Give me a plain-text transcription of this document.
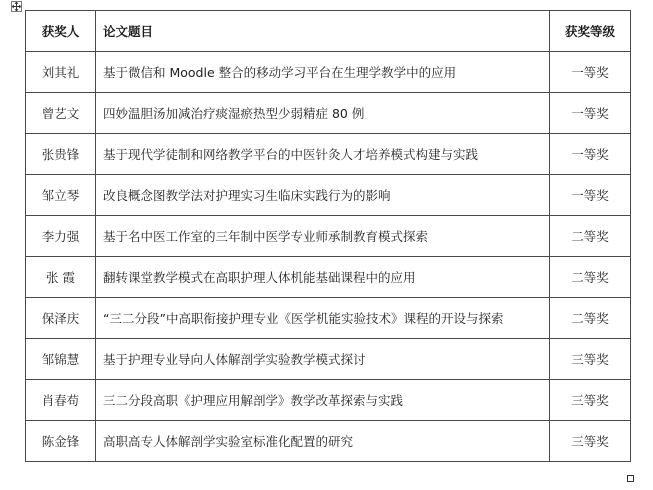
获奖人	论文题目	获奖等级
刘其礼	基于微信和 Moodle 整合的移动学习平台在生理学教学中的应用	一等奖
曾艺文	四妙温胆汤加减治疗痰湿瘀热型少弱精症 80 例	一等奖
张贵锋	基于现代学徒制和网络教学平台的中医针灸人才培养模式构建与实践	一等奖
邹立琴	改良概念图教学法对护理实习生临床实践行为的影响	一等奖
李力强	基于名中医工作室的三年制中医学专业师承制教育模式探索	二等奖
张 霞	翻转课堂教学模式在高职护理人体机能基础课程中的应用	二等奖
保泽庆	“三二分段”中高职衔接护理专业《医学机能实验技术》课程的开设与探索	二等奖
邹锦慧	基于护理专业导向人体解剖学实验教学模式探讨	三等奖
肖春苟	三二分段高职《护理应用解剖学》教学改革探索与实践	三等奖
陈金锋	高职高专人体解剖学实验室标准化配置的研究	三等奖
